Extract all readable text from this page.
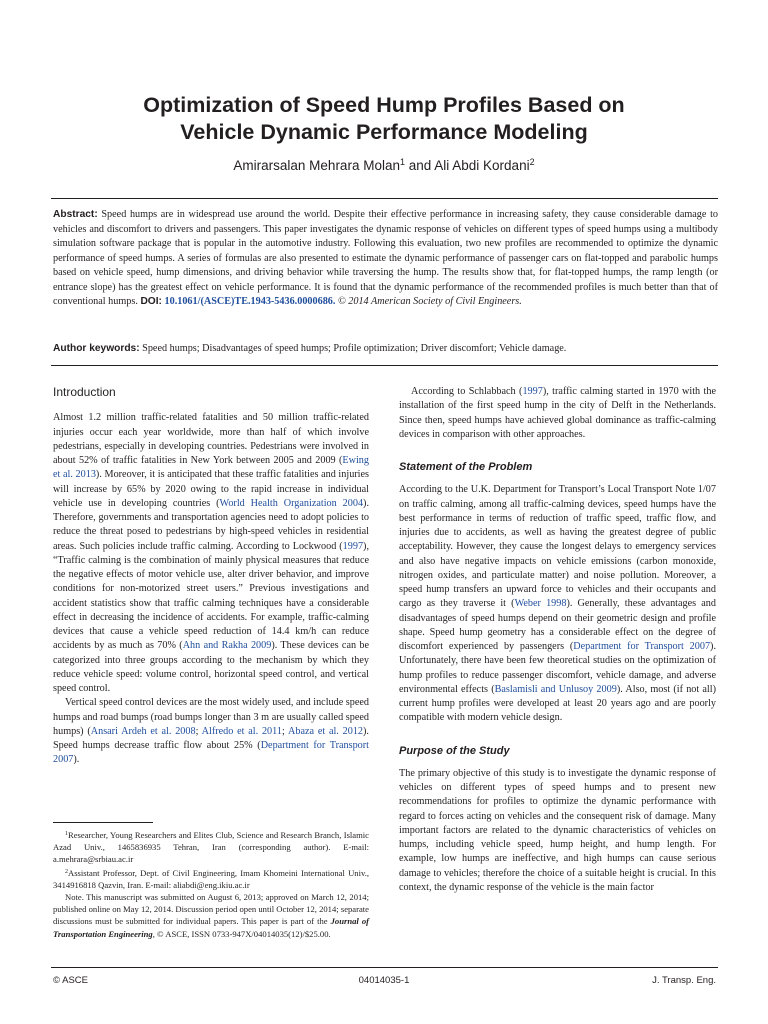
Optimization of Speed Hump Profiles Based on
Vehicle Dynamic Performance Modeling
Amirarsalan Mehrara Molan$^1$ and Ali Abdi Kordani$^2$
Abstract: Speed humps are in widespread use around the world. Despite their effective performance in increasing safety, they cause considerable damage to vehicles and discomfort to drivers and passengers. This paper investigates the dynamic response of vehicles on different types of speed humps using a multibody simulation software package that is popular in the automotive industry. Following this evaluation, two new profiles are recommended to optimize the dynamic performance of speed humps. A series of formulas are also presented to estimate the dynamic performance of passenger cars on flat-topped and parabolic humps based on vehicle speed, hump dimensions, and driving behavior while traversing the hump. The results show that, for flat-topped humps, the ramp length (or entrance slope) has the greatest effect on vehicle performance. It is found that the dynamic performance of the recommended profiles is much better than that of conventional humps. DOI: 10.1061/(ASCE)TE.1943-5436.0000686. © 2014 American Society of Civil Engineers.
Author keywords: Speed humps; Disadvantages of speed humps; Profile optimization; Driver discomfort; Vehicle damage.
Introduction

Almost 1.2 million traffic-related fatalities and 50 million traffic-related injuries occur each year worldwide, more than half of which involve pedestrians, especially in developing countries. Pedestrians were involved in about 52% of traffic fatalities in New York between 2005 and 2009 (Ewing et al. 2013). Moreover, it is anticipated that these traffic fatalities and injuries will increase by 65% by 2020 owing to the rapid increase in individual vehicle use in developing countries (World Health Organization 2004). Therefore, governments and transportation agencies need to adopt policies to reduce the threat posed to pedestrians by high-speed vehicles in residential areas. Such policies include traffic calming. According to Lockwood (1997), “Traffic calming is the combination of mainly physical measures that reduce the negative effects of motor vehicle use, alter driver behavior, and improve conditions for non-motorized street users.” Previous investigations and accident statistics show that traffic calming techniques have a considerable effect in decreasing the incidence of accidents. For example, traffic-calming devices that cause a vehicle speed reduction of 14.4 km/h can reduce accidents by as much as 70% (Ahn and Rakha 2009). These devices can be categorized into three groups according to the mechanism by which they reduce vehicle speed: volume control, horizontal speed control, and vertical speed control.

Vertical speed control devices are the most widely used, and include speed humps and road bumps (road bumps longer than 3 m are usually called speed humps) (Ansari Ardeh et al. 2008; Alfredo et al. 2011; Abaza et al. 2012). Speed humps decrease traffic flow about 25% (Department for Transport 2007).

$^1$Researcher, Young Researchers and Elites Club, Science and Research Branch, Islamic Azad Univ., 1465836935 Tehran, Iran (corresponding author). E-mail: a.mehrara@srbiau.ac.ir

$^2$Assistant Professor, Dept. of Civil Engineering, Imam Khomeini International Univ., 3414916818 Qazvin, Iran. E-mail: aliabdi@eng.ikiu.ac.ir

Note. This manuscript was submitted on August 6, 2013; approved on March 12, 2014; published online on May 12, 2014. Discussion period open until October 12, 2014; separate discussions must be submitted for individual papers. This paper is part of the Journal of Transportation Engineering, © ASCE, ISSN 0733-947X/04014035(12)/$25.00.

According to Schlabbach (1997), traffic calming started in 1970 with the installation of the first speed hump in the city of Delft in the Netherlands. Since then, speed humps have achieved global dominance as traffic-calming devices in comparison with other approaches.

Statement of the Problem

According to the U.K. Department for Transport’s Local Transport Note 1/07 on traffic calming, among all traffic-calming devices, speed humps have the best performance in terms of reduction of traffic speed, traffic flow, and injuries due to accidents, as well as having the greatest degree of public acceptability. However, they cause the longest delays to emergency services and also have negative impacts on vehicle emissions (carbon monoxide, nitrogen oxides, and particulate matter) and noise pollution. Moreover, a speed hump transfers an upward force to vehicles and their occupants and cargo as they traverse it (Weber 1998). Generally, these advantages and disadvantages of speed humps depend on their geometric design and profile shape. Speed hump geometry has a considerable effect on the degree of discomfort experienced by passengers (Department for Transport 2007). Unfortunately, there have been few theoretical studies on the optimization of hump profiles to reduce passenger discomfort, vehicle damage, and adverse environmental effects (Baslamisli and Unlusoy 2009). Also, most (if not all) current hump profiles were developed at least 20 years ago and are poorly compatible with modern vehicle design.

Purpose of the Study

The primary objective of this study is to investigate the dynamic response of vehicles on different types of speed humps and to present new recommendations for profiles to optimize the dynamic performance with regard to forces acting on vehicles and the consequent risk of damage. Many important factors are related to the dynamic characteristics of vehicles on humps, including vehicle speed, hump height, and hump length. For example, low humps are ineffective, and high humps can cause serious damage to vehicles; therefore the choice of a suitable height is crucial. In this context, the dynamic response of the vehicle is the main factor

© ASCE	04014035-1	J. Transp. Eng.
